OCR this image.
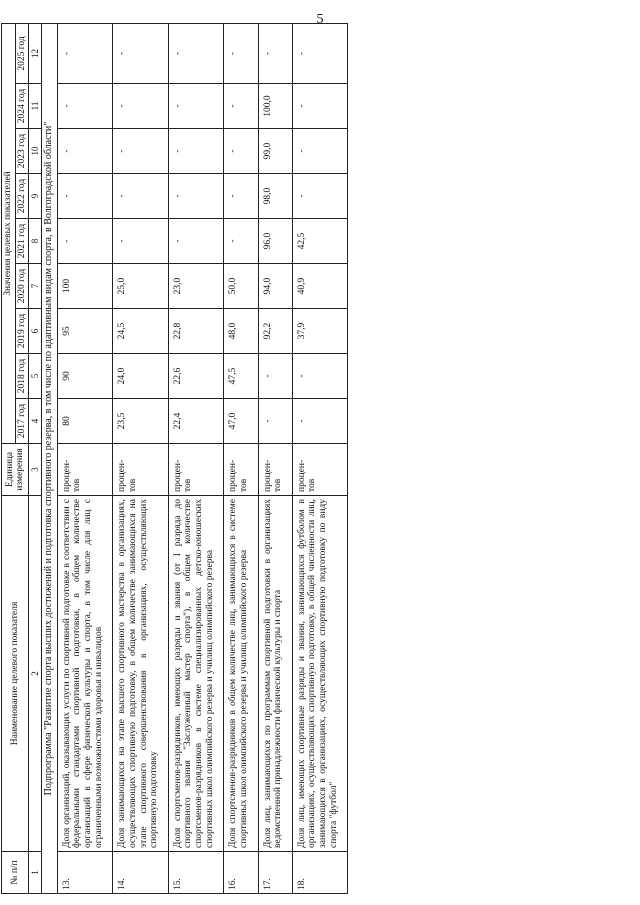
5
№ п/п	Наименование целевого показателя	Единица измерения	Значения целевых показателей								
			2017 год	2018 год	2019 год	2020 год	2021 год	2022 год	2023 год	2024 год	2025 год
1	2	3	4	5	6	7	8	9	10	11	12
Подпрограмма "Развитие спорта высших достижений и подготовка спортивного резерва, в том числе по адаптивным видам спорта, в Волгоградской области"											
13.	Доля организаций, оказывающих услуги по спортивной подготовке в соответствии с федеральными стандартами спортивной подготовки, в общем количестве организаций в сфере физической культуры и спорта, в том числе для лиц с ограниченными возможностями здоровья и инвалидов	процен-тов	80	90	95	100	-	-	-	-	-
14.	Доля занимающихся на этапе высшего спортивного мастерства в организациях, осуществляющих спортивную подготовку, в общем количестве занимающихся на этапе спортивного совершенствования в организациях, осуществляющих спортивную подготовку	процен-тов	23,5	24,0	24,5	25,0	-	-	-	-	-
15.	Доля спортсменов-разрядников, имеющих разряды и звания (от I разряда до спортивного звания "Заслуженный мастер спорта"), в общем количестве спортсменов-разрядников в системе специализированных детско-юношеских спортивных школ олимпийского резерва и училищ олимпийского резерва	процен-тов	22,4	22,6	22,8	23,0	-	-	-	-	-
16.	Доля спортсменов-разрядников в общем количестве лиц, занимающихся в системе спортивных школ олимпийского резерва и училищ олимпийского резерва	процен-тов	47,0	47,5	48,0	50,0	-	-	-	-	-
17.	Доля лиц, занимающихся по программам спортивной подготовки в организациях ведомственной принадлежности физической культуры и спорта	процен-тов	-	-	92,2	94,0	96,0	98,0	99,0	100,0	-
18.	Доля лиц, имеющих спортивные разряды и звания, занимающихся футболом в организациях, осуществляющих спортивную подготовку, в общей численности лиц, занимающихся в организациях, осуществляющих спортивную подготовку по виду спорта "футбол"	процен-тов	-	-	37,9	40,9	42,5	-	-	-	-
